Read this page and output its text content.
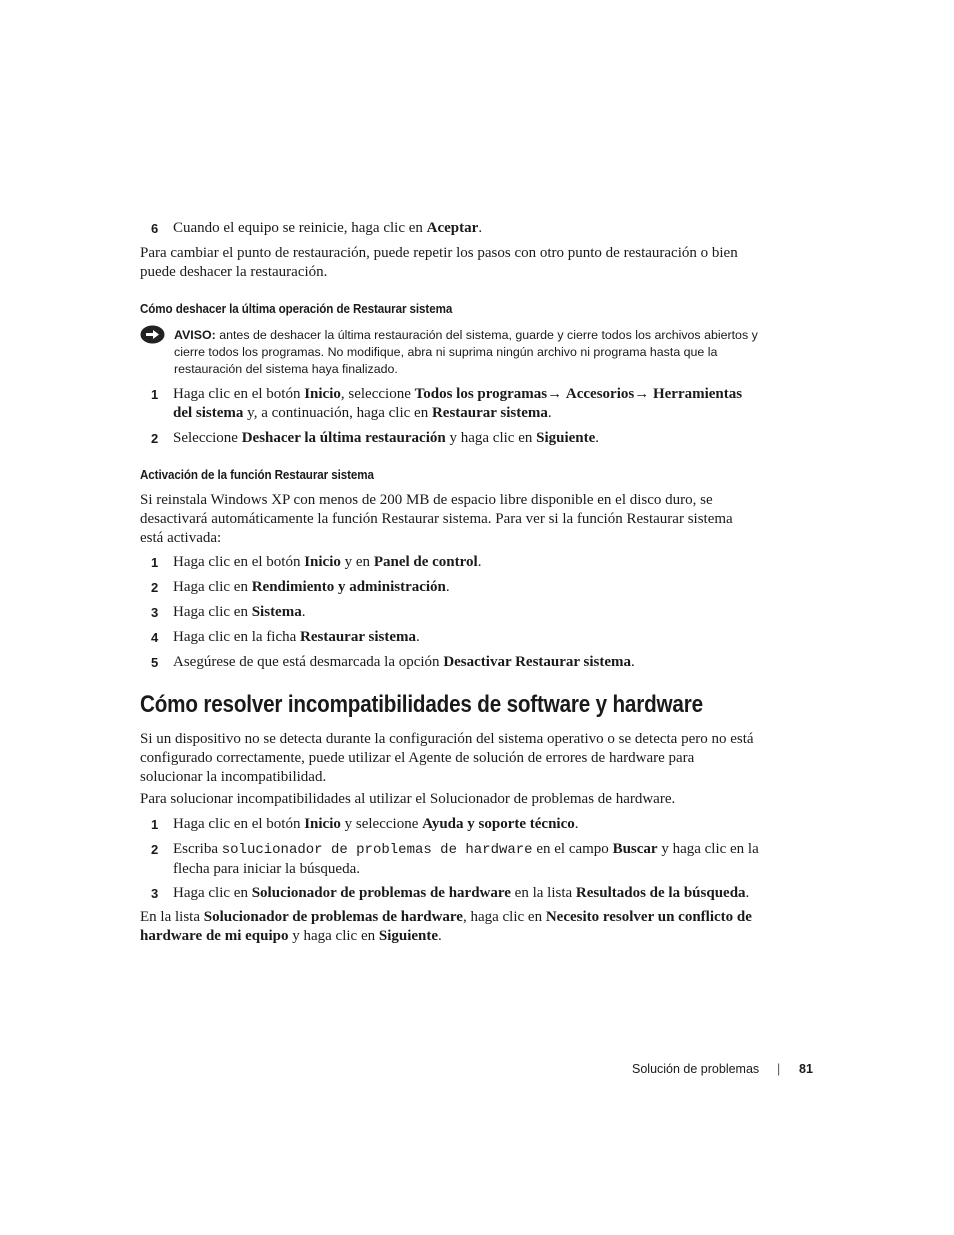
6 Cuando el equipo se reinicie, haga clic en Aceptar.
Para cambiar el punto de restauración, puede repetir los pasos con otro punto de restauración o bien puede deshacer la restauración.
Cómo deshacer la última operación de Restaurar sistema
AVISO: antes de deshacer la última restauración del sistema, guarde y cierre todos los archivos abiertos y cierre todos los programas. No modifique, abra ni suprima ningún archivo ni programa hasta que la restauración del sistema haya finalizado.
1 Haga clic en el botón Inicio, seleccione Todos los programas→ Accesorios→ Herramientas del sistema y, a continuación, haga clic en Restaurar sistema.
2 Seleccione Deshacer la última restauración y haga clic en Siguiente.
Activación de la función Restaurar sistema
Si reinstala Windows XP con menos de 200 MB de espacio libre disponible en el disco duro, se desactivará automáticamente la función Restaurar sistema. Para ver si la función Restaurar sistema está activada:
1 Haga clic en el botón Inicio y en Panel de control.
2 Haga clic en Rendimiento y administración.
3 Haga clic en Sistema.
4 Haga clic en la ficha Restaurar sistema.
5 Asegúrese de que está desmarcada la opción Desactivar Restaurar sistema.
Cómo resolver incompatibilidades de software y hardware
Si un dispositivo no se detecta durante la configuración del sistema operativo o se detecta pero no está configurado correctamente, puede utilizar el Agente de solución de errores de hardware para solucionar la incompatibilidad.
Para solucionar incompatibilidades al utilizar el Solucionador de problemas de hardware.
1 Haga clic en el botón Inicio y seleccione Ayuda y soporte técnico.
2 Escriba solucionador de problemas de hardware en el campo Buscar y haga clic en la flecha para iniciar la búsqueda.
3 Haga clic en Solucionador de problemas de hardware en la lista Resultados de la búsqueda.
En la lista Solucionador de problemas de hardware, haga clic en Necesito resolver un conflicto de hardware de mi equipo y haga clic en Siguiente.
Solución de problemas | 81
